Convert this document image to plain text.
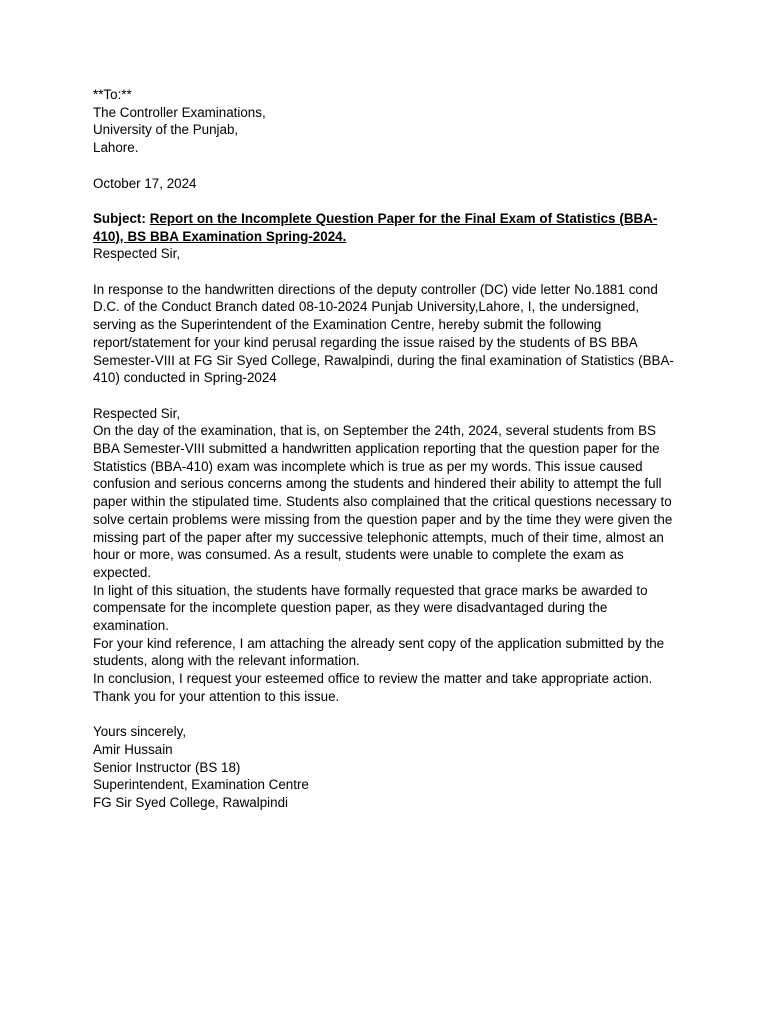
**To:**
The Controller Examinations,
University of the Punjab,
Lahore.
October 17, 2024
Subject: Report on the Incomplete Question Paper for the Final Exam of Statistics (BBA-410), BS BBA Examination Spring-2024.
Respected Sir,
In response to the handwritten directions of the deputy controller (DC) vide letter No.1881 cond D.C. of the Conduct Branch dated 08-10-2024 Punjab University,Lahore, I, the undersigned, serving as the Superintendent of the Examination Centre, hereby submit the following report/statement for your kind perusal regarding the issue raised by the students of BS BBA Semester-VIII at FG Sir Syed College, Rawalpindi, during the final examination of Statistics (BBA-410) conducted in Spring-2024
Respected Sir,
On the day of the examination, that is, on September the 24th, 2024, several students from BS BBA Semester-VIII submitted a handwritten application reporting that the question paper for the Statistics (BBA-410) exam was incomplete which is true as per my words. This issue caused confusion and serious concerns among the students and hindered their ability to attempt the full paper within the stipulated time. Students also complained that the critical questions necessary to solve certain problems were missing from the question paper and by the time they were given the missing part of the paper after my successive telephonic attempts, much of their time, almost an hour or more, was consumed. As a result, students were unable to complete the exam as expected.
In light of this situation, the students have formally requested that grace marks be awarded to compensate for the incomplete question paper, as they were disadvantaged during the examination.
For your kind reference, I am attaching the already sent copy of the application submitted by the students, along with the relevant information.
In conclusion, I request your esteemed office to review the matter and take appropriate action.
Thank you for your attention to this issue.
Yours sincerely,
Amir Hussain
Senior Instructor (BS 18)
Superintendent, Examination Centre
FG Sir Syed College, Rawalpindi
